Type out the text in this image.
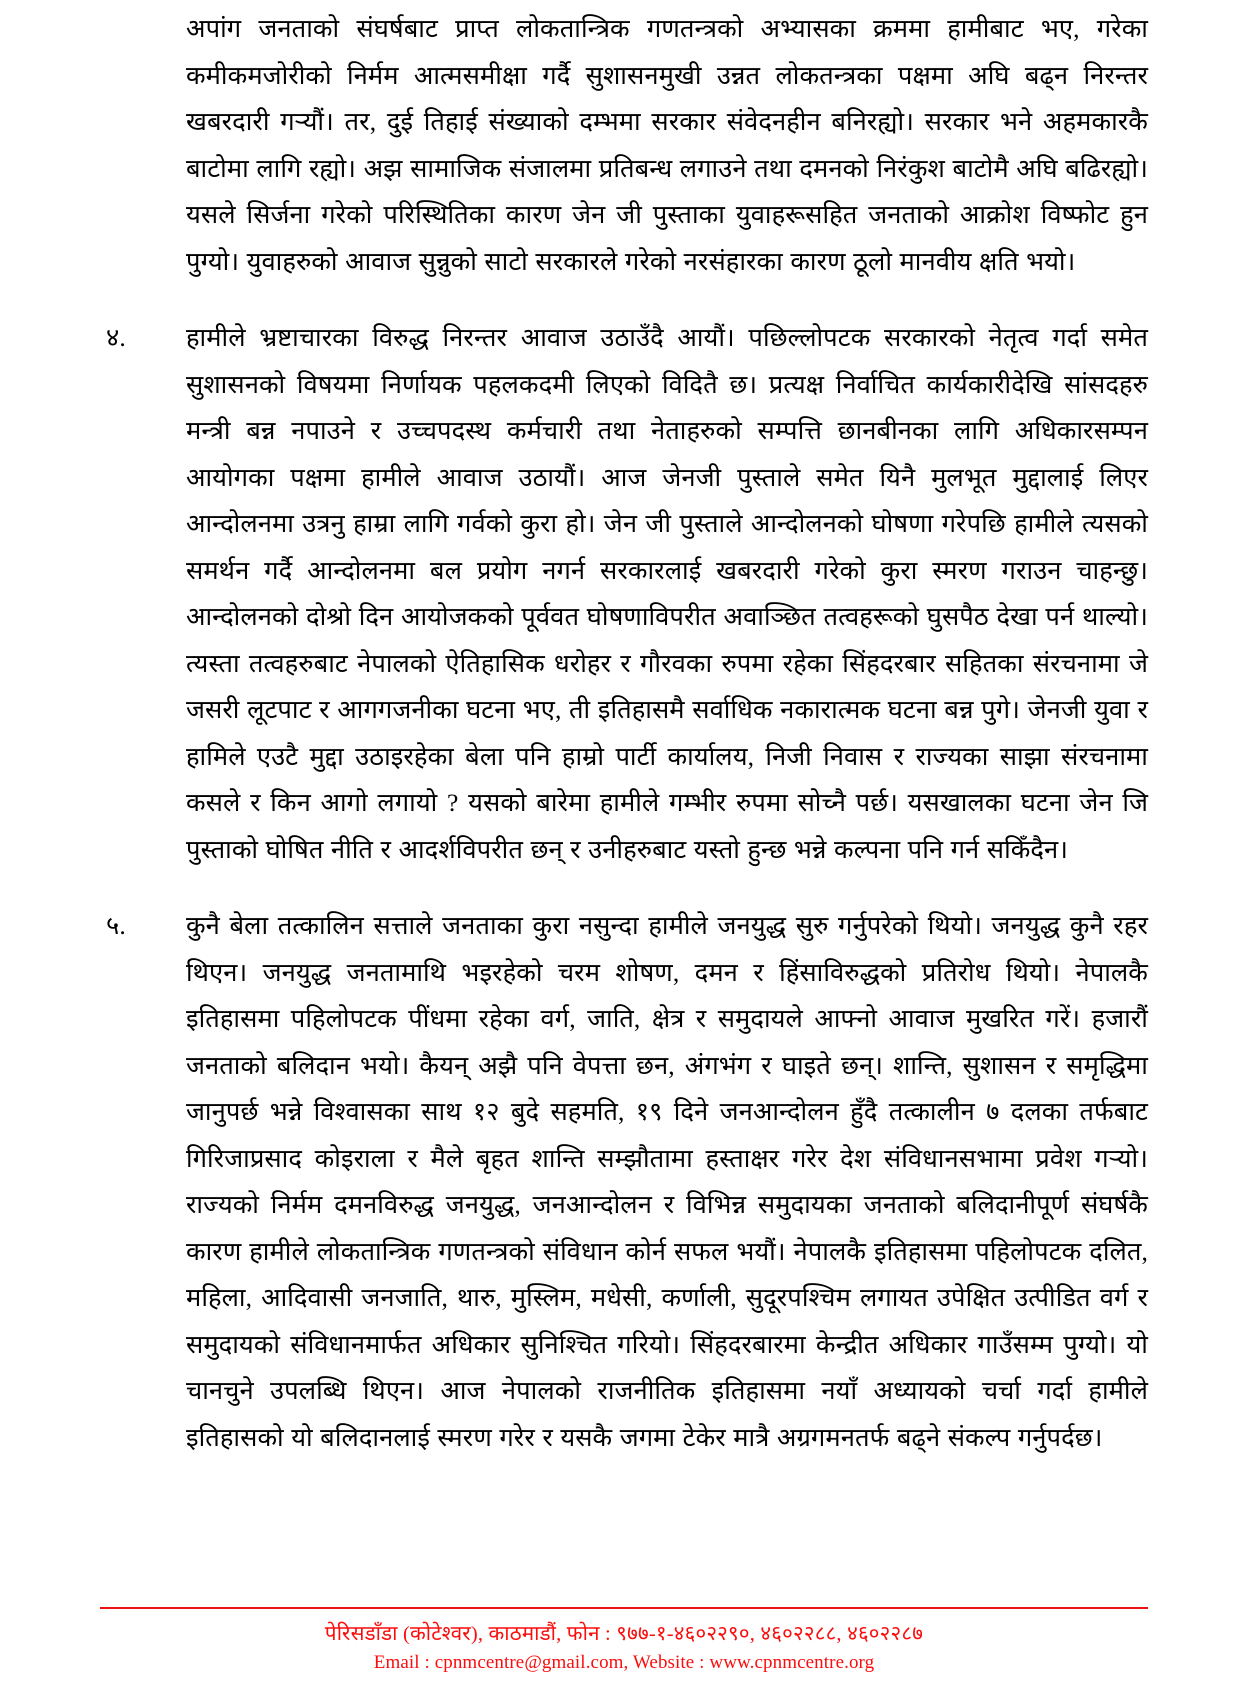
अपांग जनताको संघर्षबाट प्राप्त लोकतान्त्रिक गणतन्त्रको अभ्यासका क्रममा हामीबाट भए, गरेका कमीकमजोरीको निर्मम आत्मसमीक्षा गर्दै सुशासनमुखी उन्नत लोकतन्त्रका पक्षमा अघि बढ्न निरन्तर खबरदारी गर्‍यौं। तर, दुई तिहाई संख्याको दम्भमा सरकार संवेदनहीन बनिरह्यो। सरकार भने अहमकारकै बाटोमा लागि रह्यो। अझ सामाजिक संजालमा प्रतिबन्ध लगाउने तथा दमनको निरंकुश बाटोमै अघि बढिरह्यो। यसले सिर्जना गरेको परिस्थितिका कारण जेन जी पुस्ताका युवाहरूसहित जनताको आक्रोश विष्फोट हुन पुग्यो। युवाहरुको आवाज सुन्नुको साटो सरकारले गरेको नरसंहारका कारण ठूलो मानवीय क्षति भयो।

४.	हामीले भ्रष्टाचारका विरुद्ध निरन्तर आवाज उठाउँदै आयौं। पछिल्लोपटक सरकारको नेतृत्व गर्दा समेत सुशासनको विषयमा निर्णायक पहलकदमी लिएको विदितै छ। प्रत्यक्ष निर्वाचित कार्यकारीदेखि सांसदहरु मन्त्री बन्न नपाउने र उच्चपदस्थ कर्मचारी तथा नेताहरुको सम्पत्ति छानबीनका लागि अधिकारसम्पन आयोगका पक्षमा हामीले आवाज उठायौं। आज जेनजी पुस्ताले समेत यिनै मुलभूत मुद्दालाई लिएर आन्दोलनमा उत्रनु हाम्रा लागि गर्वको कुरा हो। जेन जी पुस्ताले आन्दोलनको घोषणा गरेपछि हामीले त्यसको समर्थन गर्दै आन्दोलनमा बल प्रयोग नगर्न सरकारलाई खबरदारी गरेको कुरा स्मरण गराउन चाहन्छु। आन्दोलनको दोश्रो दिन आयोजकको पूर्ववत घोषणाविपरीत अवाञ्छित तत्वहरूको घुसपैठ देखा पर्न थाल्यो। त्यस्ता तत्वहरुबाट नेपालको ऐतिहासिक धरोहर र गौरवका रुपमा रहेका सिंहदरबार सहितका संरचनामा जे जसरी लूटपाट र आगगजनीका घटना भए, ती इतिहासमै सर्वाधिक नकारात्मक घटना बन्न पुगे। जेनजी युवा र हामिले एउटै मुद्दा उठाइरहेका बेला पनि हाम्रो पार्टी कार्यालय, निजी निवास र राज्यका साझा संरचनामा कसले र किन आगो लगायो ? यसको बारेमा हामीले गम्भीर रुपमा सोच्नै पर्छ। यसखालका घटना जेन जि पुस्ताको घोषित नीति र आदर्शविपरीत छन् र उनीहरुबाट यस्तो हुन्छ भन्ने कल्पना पनि गर्न सकिँदैन।

५.	कुनै बेला तत्कालिन सत्ताले जनताका कुरा नसुन्दा हामीले जनयुद्ध सुरु गर्नुपरेको थियो। जनयुद्ध कुनै रहर थिएन। जनयुद्ध जनतामाथि भइरहेको चरम शोषण, दमन र हिंसाविरुद्धको प्रतिरोध थियो। नेपालकै इतिहासमा पहिलोपटक पींधमा रहेका वर्ग, जाति, क्षेत्र र समुदायले आफ्नो आवाज मुखरित गरें। हजारौं जनताको बलिदान भयो। कैयन् अझै पनि वेपत्ता छन, अंगभंग र घाइते छन्। शान्ति, सुशासन र समृद्धिमा जानुपर्छ भन्ने विश्वासका साथ १२ बुदे सहमति, १९ दिने जनआन्दोलन हुँदै तत्कालीन ७ दलका तर्फबाट गिरिजाप्रसाद कोइराला र मैले बृहत शान्ति सम्झौतामा हस्ताक्षर गरेर देश संविधानसभामा प्रवेश गर्‍यो। राज्यको निर्मम दमनविरुद्ध जनयुद्ध, जनआन्दोलन र विभिन्न समुदायका जनताको बलिदानीपूर्ण संघर्षकै कारण हामीले लोकतान्त्रिक गणतन्त्रको संविधान कोर्न सफल भयौं। नेपालकै इतिहासमा पहिलोपटक दलित, महिला, आदिवासी जनजाति, थारु, मुस्लिम, मधेसी, कर्णाली, सुदूरपश्चिम लगायत उपेक्षित उत्पीडित वर्ग र समुदायको संविधानमार्फत अधिकार सुनिश्चित गरियो। सिंहदरबारमा केन्द्रीत अधिकार गाउँसम्म पुग्यो। यो चानचुने उपलब्धि थिएन। आज नेपालको राजनीतिक इतिहासमा नयाँ अध्यायको चर्चा गर्दा हामीले इतिहासको यो बलिदानलाई स्मरण गरेर र यसकै जगमा टेकेर मात्रै अग्रगमनतर्फ बढ्ने संकल्प गर्नुपर्दछ।

पेरिसडाँडा (कोटेश्वर), काठमाडौं, फोन : ९७७-१-४६०२२९०, ४६०२२८८, ४६०२२८७
Email : cpnmcentre@gmail.com, Website : www.cpnmcentre.org
